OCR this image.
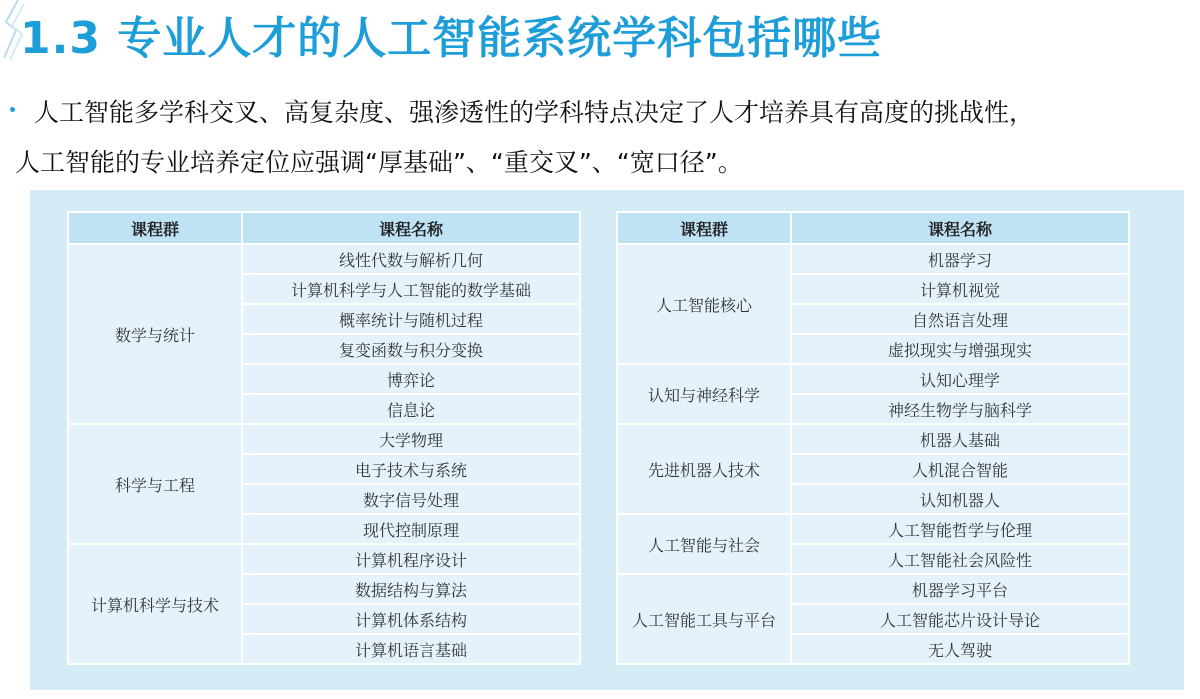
1.3 专业人才的人工智能系统学科包括哪些
人工智能多学科交叉、高复杂度、强渗透性的学科特点决定了人才培养具有高度的挑战性，
人工智能的专业培养定位应强调“厚基础”、“重交叉”、“宽口径”。
课程群	课程名称
数学与统计	线性代数与解析几何
	计算机科学与人工智能的数学基础
	概率统计与随机过程
	复变函数与积分变换
	博弈论
	信息论
科学与工程	大学物理
	电子技术与系统
	数字信号处理
	现代控制原理
计算机科学与技术	计算机程序设计
	数据结构与算法
	计算机体系结构
	计算机语言基础
课程群	课程名称
人工智能核心	机器学习
	计算机视觉
	自然语言处理
	虚拟现实与增强现实
认知与神经科学	认知心理学
	神经生物学与脑科学
先进机器人技术	机器人基础
	人机混合智能
	认知机器人
人工智能与社会	人工智能哲学与伦理
	人工智能社会风险性
人工智能工具与平台	机器学习平台
	人工智能芯片设计导论
	无人驾驶
